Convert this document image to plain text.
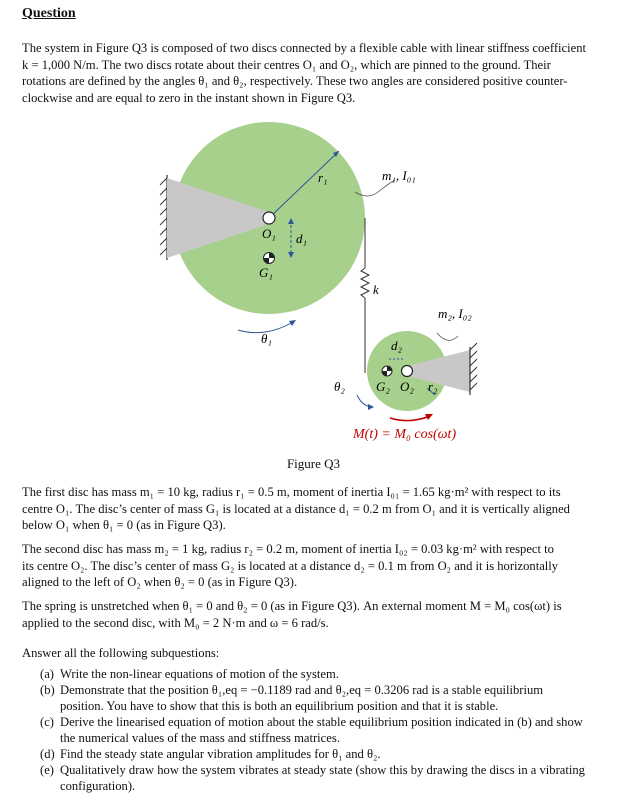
Question
The system in Figure Q3 is composed of two discs connected by a flexible cable with linear stiffness coefficient
k = 1,000 N/m. The two discs rotate about their centres O₁ and O₂, which are pinned to the ground. Their
rotations are defined by the angles θ₁ and θ₂, respectively. These two angles are considered positive counter-
clockwise and are equal to zero in the instant shown in Figure Q3.
r₁	m₁, I₀₁
O₁ d₁
G₁
θ₁
k
m₂, I₀₂
d₂
θ₂ G₂ O₂ r₂
M(t) = M₀ cos(ωt)
Figure Q3
The first disc has mass m₁ = 10 kg, radius r₁ = 0.5 m, moment of inertia I₀₁ = 1.65 kg·m² with respect to its
centre O₁. The disc’s center of mass G₁ is located at a distance d₁ = 0.2 m from O₁ and it is vertically aligned
below O₁ when θ₁ = 0 (as in Figure Q3).
The second disc has mass m₂ = 1 kg, radius r₂ = 0.2 m, moment of inertia I₀₂ = 0.03 kg·m² with respect to
its centre O₂. The disc’s center of mass G₂ is located at a distance d₂ = 0.1 m from O₂ and it is horizontally
aligned to the left of O₂ when θ₂ = 0 (as in Figure Q3).
The spring is unstretched when θ₁ = 0 and θ₂ = 0 (as in Figure Q3). An external moment M = M₀ cos(ωt) is
applied to the second disc, with M₀ = 2 N·m and ω = 6 rad/s.
Answer all the following subquestions:
(a) Write the non-linear equations of motion of the system.
(b) Demonstrate that the position θ₁,eq = −0.1189 rad and θ₂,eq = 0.3206 rad is a stable equilibrium
position. You have to show that this is both an equilibrium position and that it is stable.
(c) Derive the linearised equation of motion about the stable equilibrium position indicated in (b) and show
the numerical values of the mass and stiffness matrices.
(d) Find the steady state angular vibration amplitudes for θ₁ and θ₂.
(e) Qualitatively draw how the system vibrates at steady state (show this by drawing the discs in a vibrating
configuration).
